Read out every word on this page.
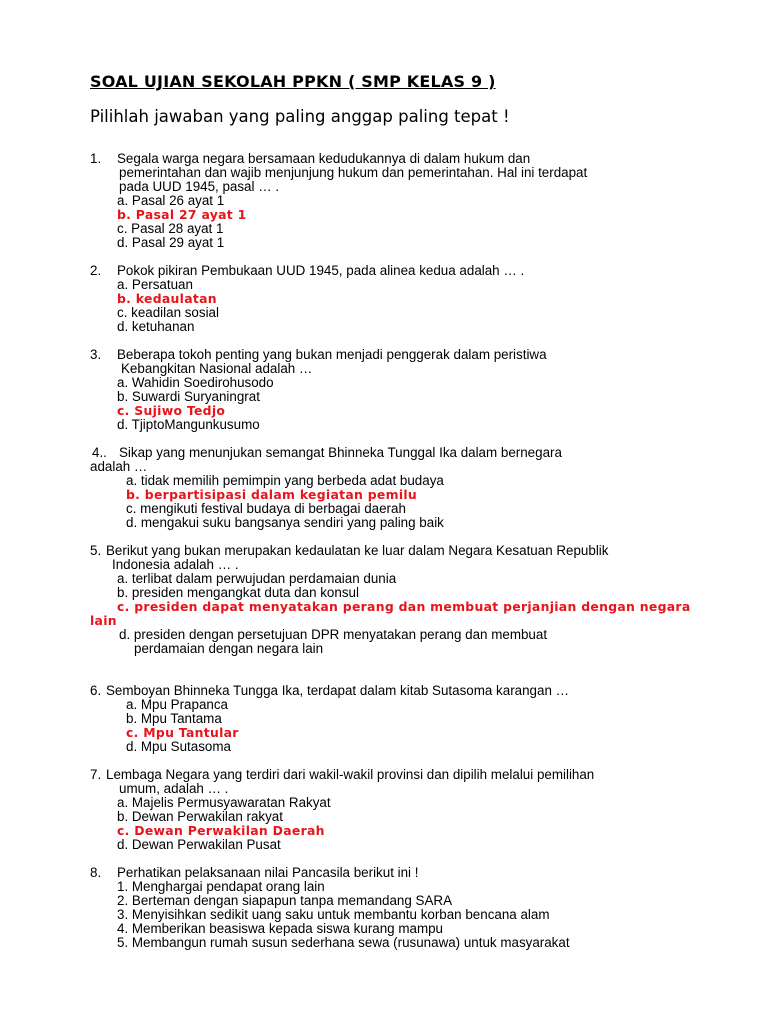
SOAL UJIAN SEKOLAH PPKN ( SMP KELAS 9 )
Pilihlah jawaban yang paling anggap paling tepat !
1. Segala warga negara bersamaan kedudukannya di dalam hukum dan
pemerintahan dan wajib menjunjung hukum dan pemerintahan. Hal ini terdapat
pada UUD 1945, pasal … .
a. Pasal 26 ayat 1
b. Pasal 27 ayat 1
c. Pasal 28 ayat 1
d. Pasal 29 ayat 1
2. Pokok pikiran Pembukaan UUD 1945, pada alinea kedua adalah … .
a. Persatuan
b. kedaulatan
c. keadilan sosial
d. ketuhanan
3. Beberapa tokoh penting yang bukan menjadi penggerak dalam peristiwa
Kebangkitan Nasional adalah …
a. Wahidin Soedirohusodo
b. Suwardi Suryaningrat
c. Sujiwo Tedjo
d. TjiptoMangunkusumo
4.. Sikap yang menunjukan semangat Bhinneka Tunggal Ika dalam bernegara
adalah …
a. tidak memilih pemimpin yang berbeda adat budaya
b. berpartisipasi dalam kegiatan pemilu
c. mengikuti festival budaya di berbagai daerah
d. mengakui suku bangsanya sendiri yang paling baik
5. Berikut yang bukan merupakan kedaulatan ke luar dalam Negara Kesatuan Republik
Indonesia adalah … .
a. terlibat dalam perwujudan perdamaian dunia
b. presiden mengangkat duta dan konsul
c. presiden dapat menyatakan perang dan membuat perjanjian dengan negara
lain
d. presiden dengan persetujuan DPR menyatakan perang dan membuat
perdamaian dengan negara lain
6. Semboyan Bhinneka Tungga Ika, terdapat dalam kitab Sutasoma karangan …
a. Mpu Prapanca
b. Mpu Tantama
c. Mpu Tantular
d. Mpu Sutasoma
7. Lembaga Negara yang terdiri dari wakil-wakil provinsi dan dipilih melalui pemilihan
umum, adalah … .
a. Majelis Permusyawaratan Rakyat
b. Dewan Perwakilan rakyat
c. Dewan Perwakilan Daerah
d. Dewan Perwakilan Pusat
8. Perhatikan pelaksanaan nilai Pancasila berikut ini !
1. Menghargai pendapat orang lain
2. Berteman dengan siapapun tanpa memandang SARA
3. Menyisihkan sedikit uang saku untuk membantu korban bencana alam
4. Memberikan beasiswa kepada siswa kurang mampu
5. Membangun rumah susun sederhana sewa (rusunawa) untuk masyarakat
